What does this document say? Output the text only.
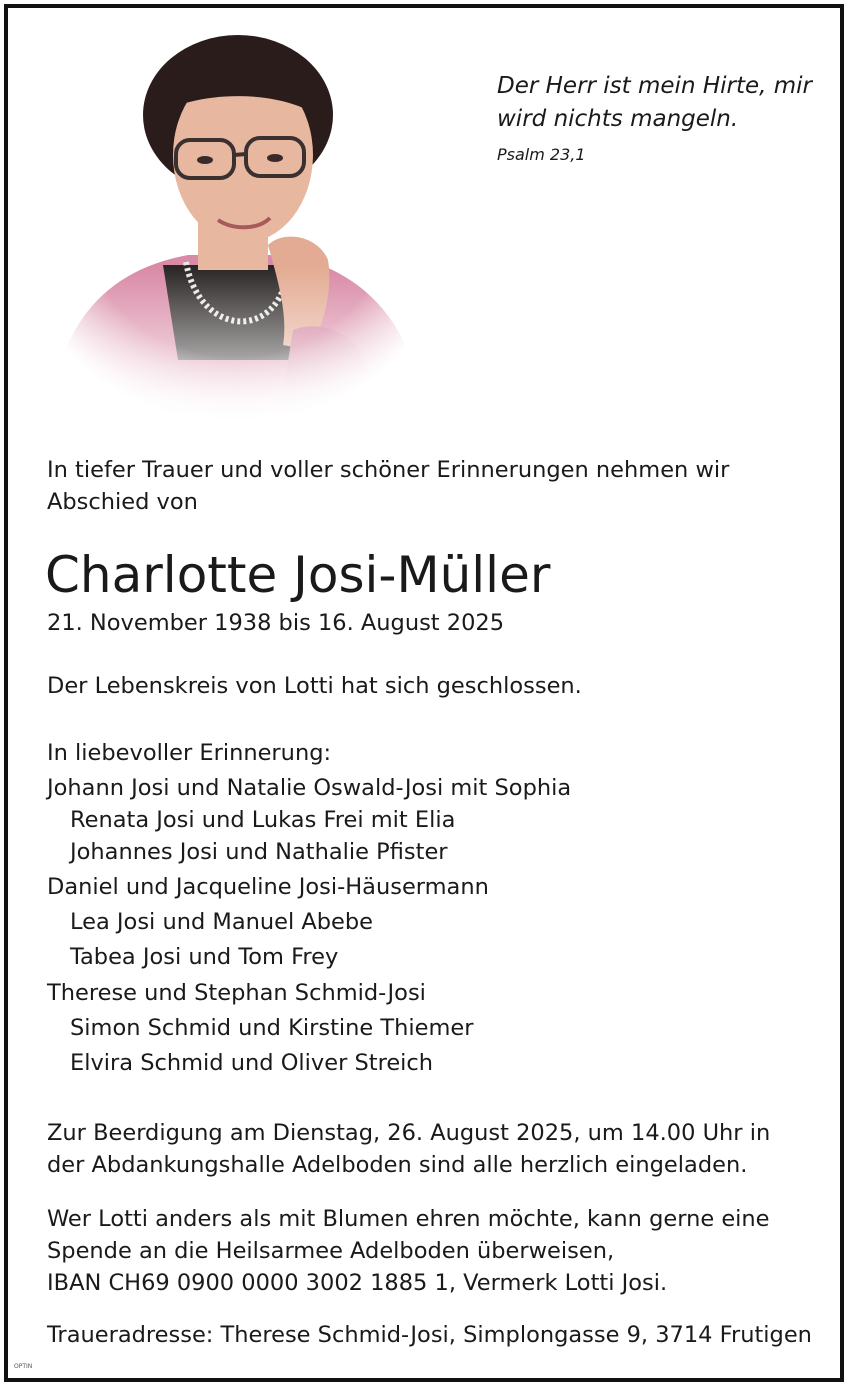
Der Herr ist mein Hirte, mir
wird nichts mangeln.
Psalm 23,1
In tiefer Trauer und voller schöner Erinnerungen nehmen wir
Abschied von
Charlotte Josi-Müller
21. November 1938 bis 16. August 2025
Der Lebenskreis von Lotti hat sich geschlossen.
In liebevoller Erinnerung:
Johann Josi und Natalie Oswald-Josi mit Sophia
Renata Josi und Lukas Frei mit Elia
Johannes Josi und Nathalie Pfister
Daniel und Jacqueline Josi-Häusermann
Lea Josi und Manuel Abebe
Tabea Josi und Tom Frey
Therese und Stephan Schmid-Josi
Simon Schmid und Kirstine Thiemer
Elvira Schmid und Oliver Streich
Zur Beerdigung am Dienstag, 26. August 2025, um 14.00 Uhr in
der Abdankungshalle Adelboden sind alle herzlich eingeladen.
Wer Lotti anders als mit Blumen ehren möchte, kann gerne eine
Spende an die Heilsarmee Adelboden überweisen,
IBAN CH69 0900 0000 3002 1885 1, Vermerk Lotti Josi.
Traueradresse: Therese Schmid-Josi, Simplongasse 9, 3714 Frutigen
OPTIN
